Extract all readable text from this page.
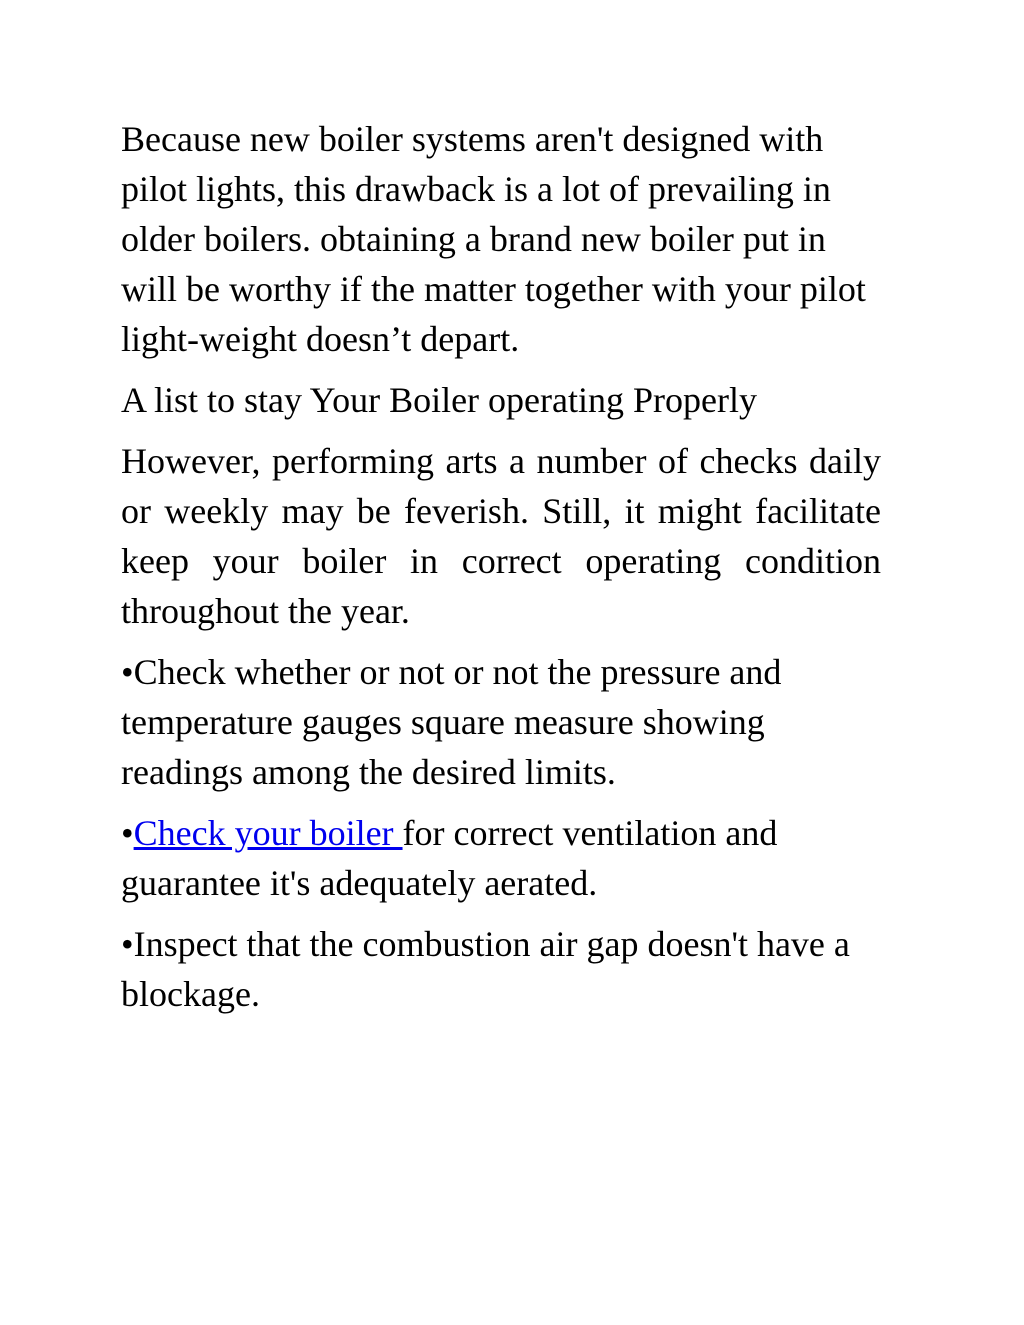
Because new boiler systems aren't designed with pilot lights, this drawback is a lot of prevailing in older boilers. obtaining a brand new boiler put in will be worthy if the matter together with your pilot light-weight doesn’t depart.

A list to stay Your Boiler operating Properly

However, performing arts a number of checks daily or weekly may be feverish. Still, it might facilitate keep your boiler in correct operating condition throughout the year.

•Check whether or not or not the pressure and temperature gauges square measure showing readings among the desired limits.

•Check your boiler for correct ventilation and guarantee it's adequately aerated.

•Inspect that the combustion air gap doesn't have a blockage.
